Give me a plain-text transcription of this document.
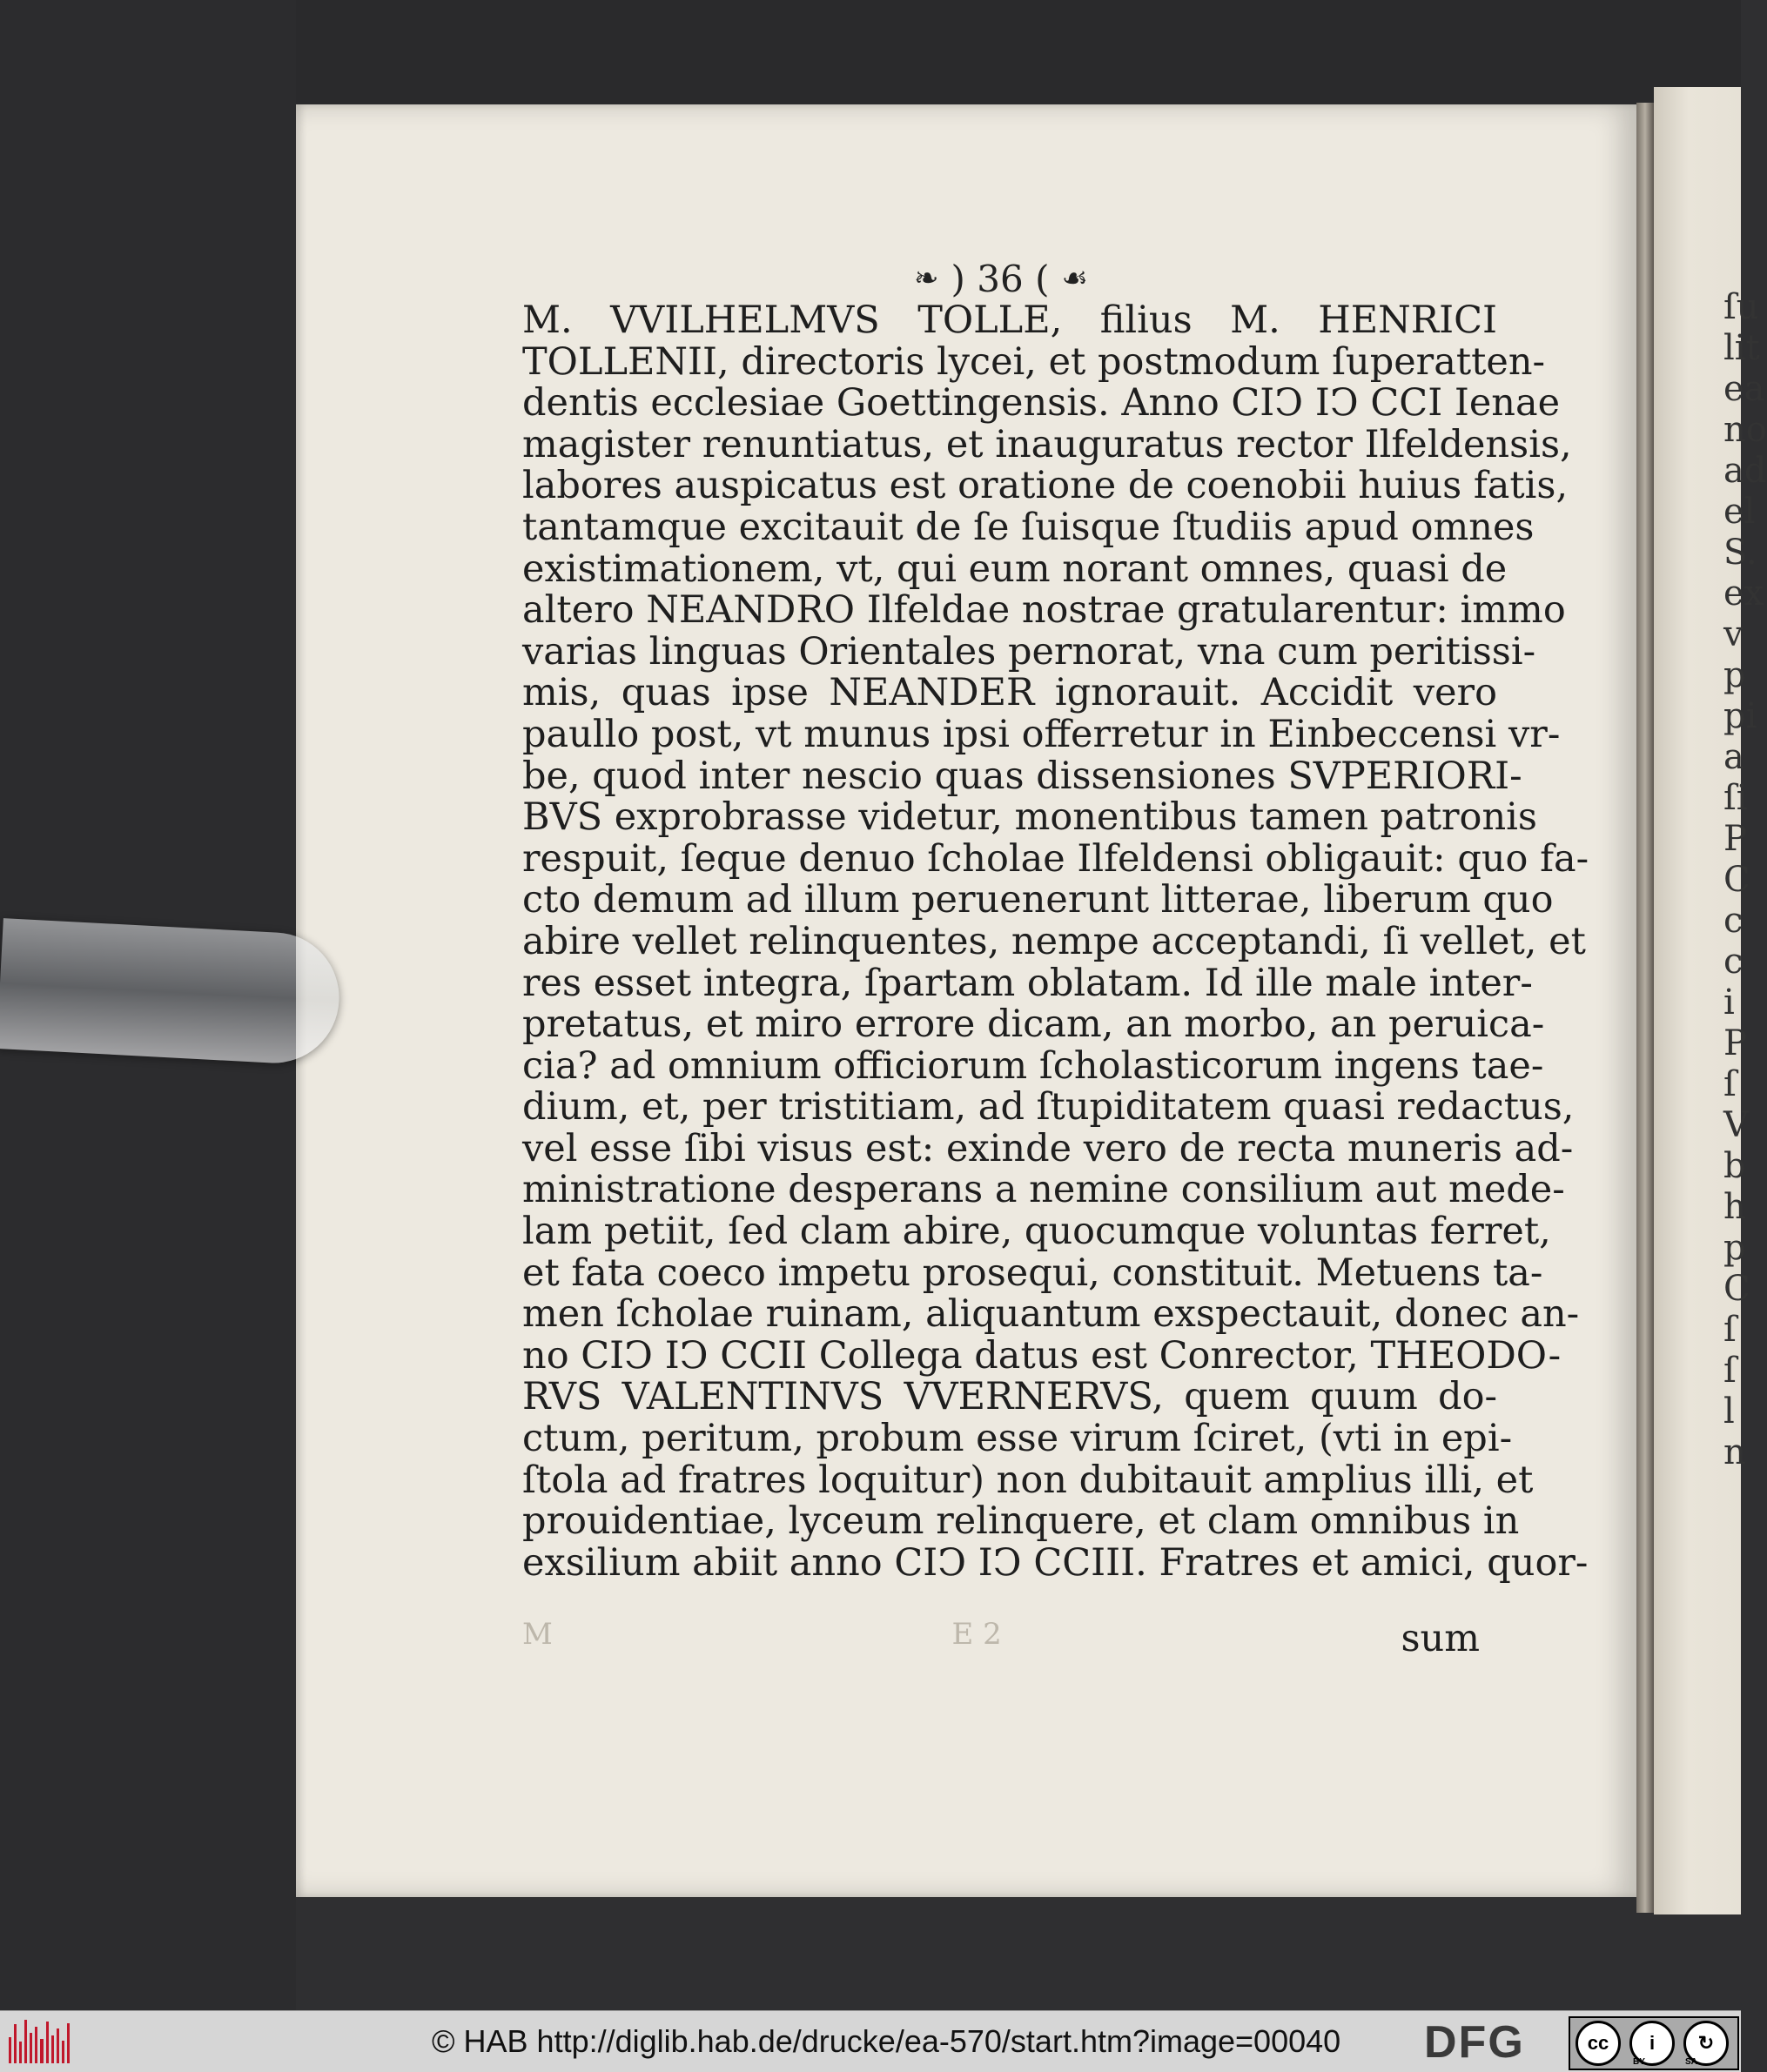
ſu
lit
ea
no
ad
el
S.
ex
v
p
pi
a
ſi
P
C
c
c
i
P
ſ
V
b
h
p
C
ſ
ſ
l
n
❧ ) 36 ( ☙
M. VVILHELMVS TOLLE, filius M. HENRICI
TOLLENII, directoris lycei, et postmodum ſuperatten-
dentis ecclesiae Goettingensis. Anno CIↃ IↃ CCI Ienae
magister renuntiatus, et inauguratus rector Ilfeldensis,
labores auspicatus est oratione de coenobii huius fatis,
tantamque excitauit de ſe ſuisque ſtudiis apud omnes
existimationem, vt, qui eum norant omnes, quasi de
altero NEANDRO Ilfeldae nostrae gratularentur: immo
varias linguas Orientales pernorat, vna cum peritissi-
mis, quas ipse NEANDER ignorauit. Accidit vero
paullo post, vt munus ipsi offerretur in Einbeccensi vr-
be, quod inter nescio quas dissensiones SVPERIORI-
BVS exprobrasse videtur, monentibus tamen patronis
respuit, ſeque denuo ſcholae Ilfeldensi obligauit: quo fa-
cto demum ad illum peruenerunt litterae, liberum quo
abire vellet relinquentes, nempe acceptandi, ſi vellet, et
res esset integra, ſpartam oblatam. Id ille male inter-
pretatus, et miro errore dicam, an morbo, an peruica-
cia? ad omnium officiorum ſcholasticorum ingens tae-
dium, et, per tristitiam, ad ſtupiditatem quasi redactus,
vel esse ſibi visus est: exinde vero de recta muneris ad-
ministratione desperans a nemine consilium aut mede-
lam petiit, ſed clam abire, quocumque voluntas ferret,
et fata coeco impetu prosequi, constituit. Metuens ta-
men ſcholae ruinam, aliquantum exspectauit, donec an-
no CIↃ IↃ CCII Collega datus est Conrector, THEODO-
RVS VALENTINVS VVERNERVS, quem quum do-
ctum, peritum, probum esse virum ſciret, (vti in epi-
ſtola ad fratres loquitur) non dubitauit amplius illi, et
prouidentiae, lyceum relinquere, et clam omnibus in
exsilium abiit anno CIↃ IↃ CCIII. Fratres et amici, quor-
M	E 2	sum
© HAB http://diglib.hab.de/drucke/ea-570/start.htm?image=00040 DFG	cc	i	↻
BY	SA
